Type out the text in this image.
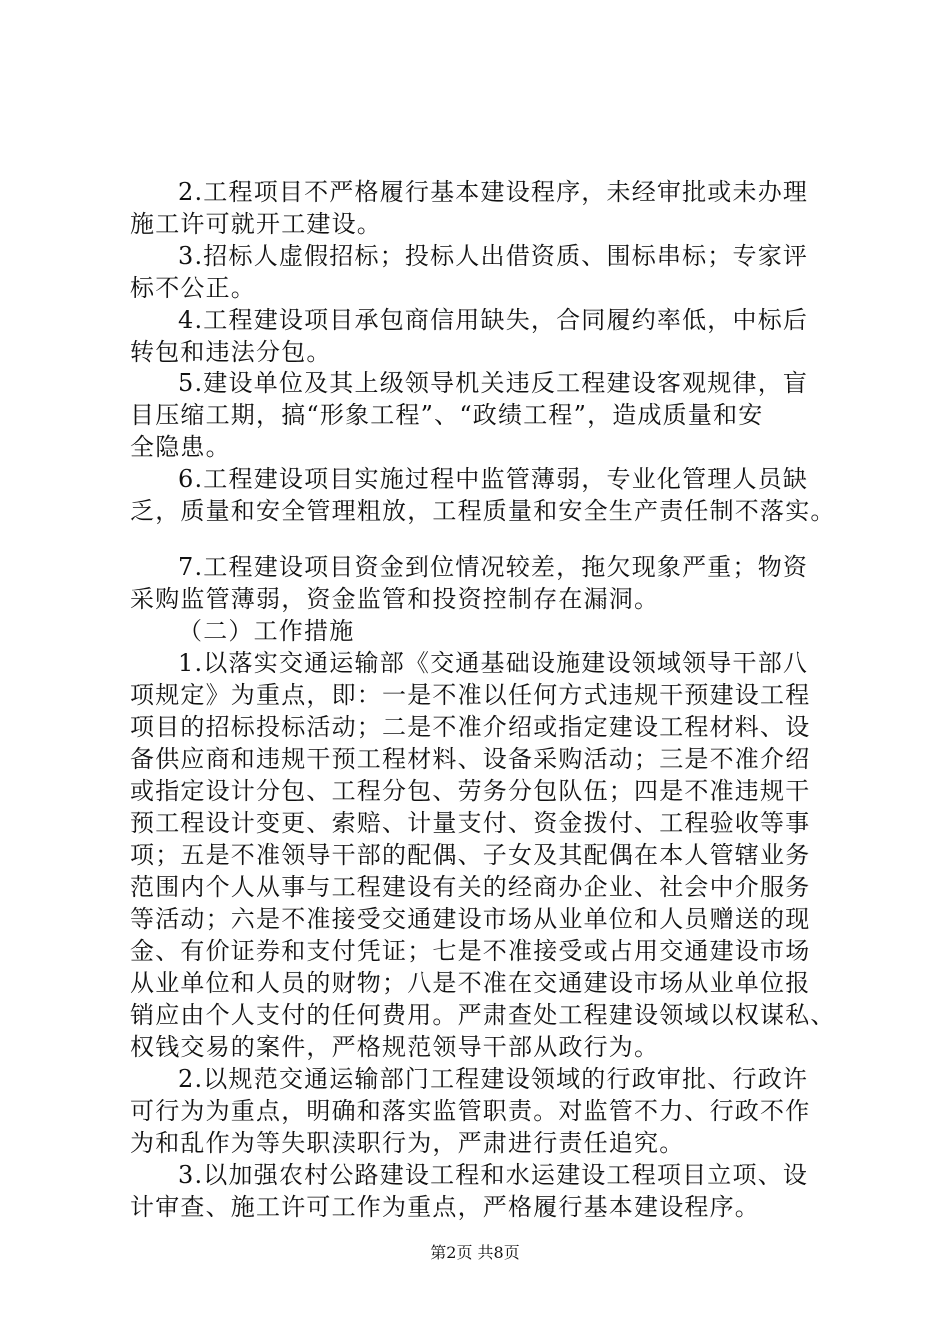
2.工程项目不严格履行基本建设程序，未经审批或未办理
施工许可就开工建设。
3.招标人虚假招标；投标人出借资质、围标串标；专家评
标不公正。
4.工程建设项目承包商信用缺失，合同履约率低，中标后
转包和违法分包。
5.建设单位及其上级领导机关违反工程建设客观规律，盲
目压缩工期，搞“形象工程”、“政绩工程”，造成质量和安
全隐患。
6.工程建设项目实施过程中监管薄弱，专业化管理人员缺
乏，质量和安全管理粗放，工程质量和安全生产责任制不落实。
7.工程建设项目资金到位情况较差，拖欠现象严重；物资
采购监管薄弱，资金监管和投资控制存在漏洞。
（二）工作措施
1.以落实交通运输部《交通基础设施建设领域领导干部八
项规定》为重点，即：一是不准以任何方式违规干预建设工程
项目的招标投标活动；二是不准介绍或指定建设工程材料、设
备供应商和违规干预工程材料、设备采购活动；三是不准介绍
或指定设计分包、工程分包、劳务分包队伍；四是不准违规干
预工程设计变更、索赔、计量支付、资金拨付、工程验收等事
项；五是不准领导干部的配偶、子女及其配偶在本人管辖业务
范围内个人从事与工程建设有关的经商办企业、社会中介服务
等活动；六是不准接受交通建设市场从业单位和人员赠送的现
金、有价证券和支付凭证；七是不准接受或占用交通建设市场
从业单位和人员的财物；八是不准在交通建设市场从业单位报
销应由个人支付的任何费用。严肃查处工程建设领域以权谋私、
权钱交易的案件，严格规范领导干部从政行为。
2.以规范交通运输部门工程建设领域的行政审批、行政许
可行为为重点，明确和落实监管职责。对监管不力、行政不作
为和乱作为等失职渎职行为，严肃进行责任追究。
3.以加强农村公路建设工程和水运建设工程项目立项、设
计审查、施工许可工作为重点，严格履行基本建设程序。
第2页 共8页
